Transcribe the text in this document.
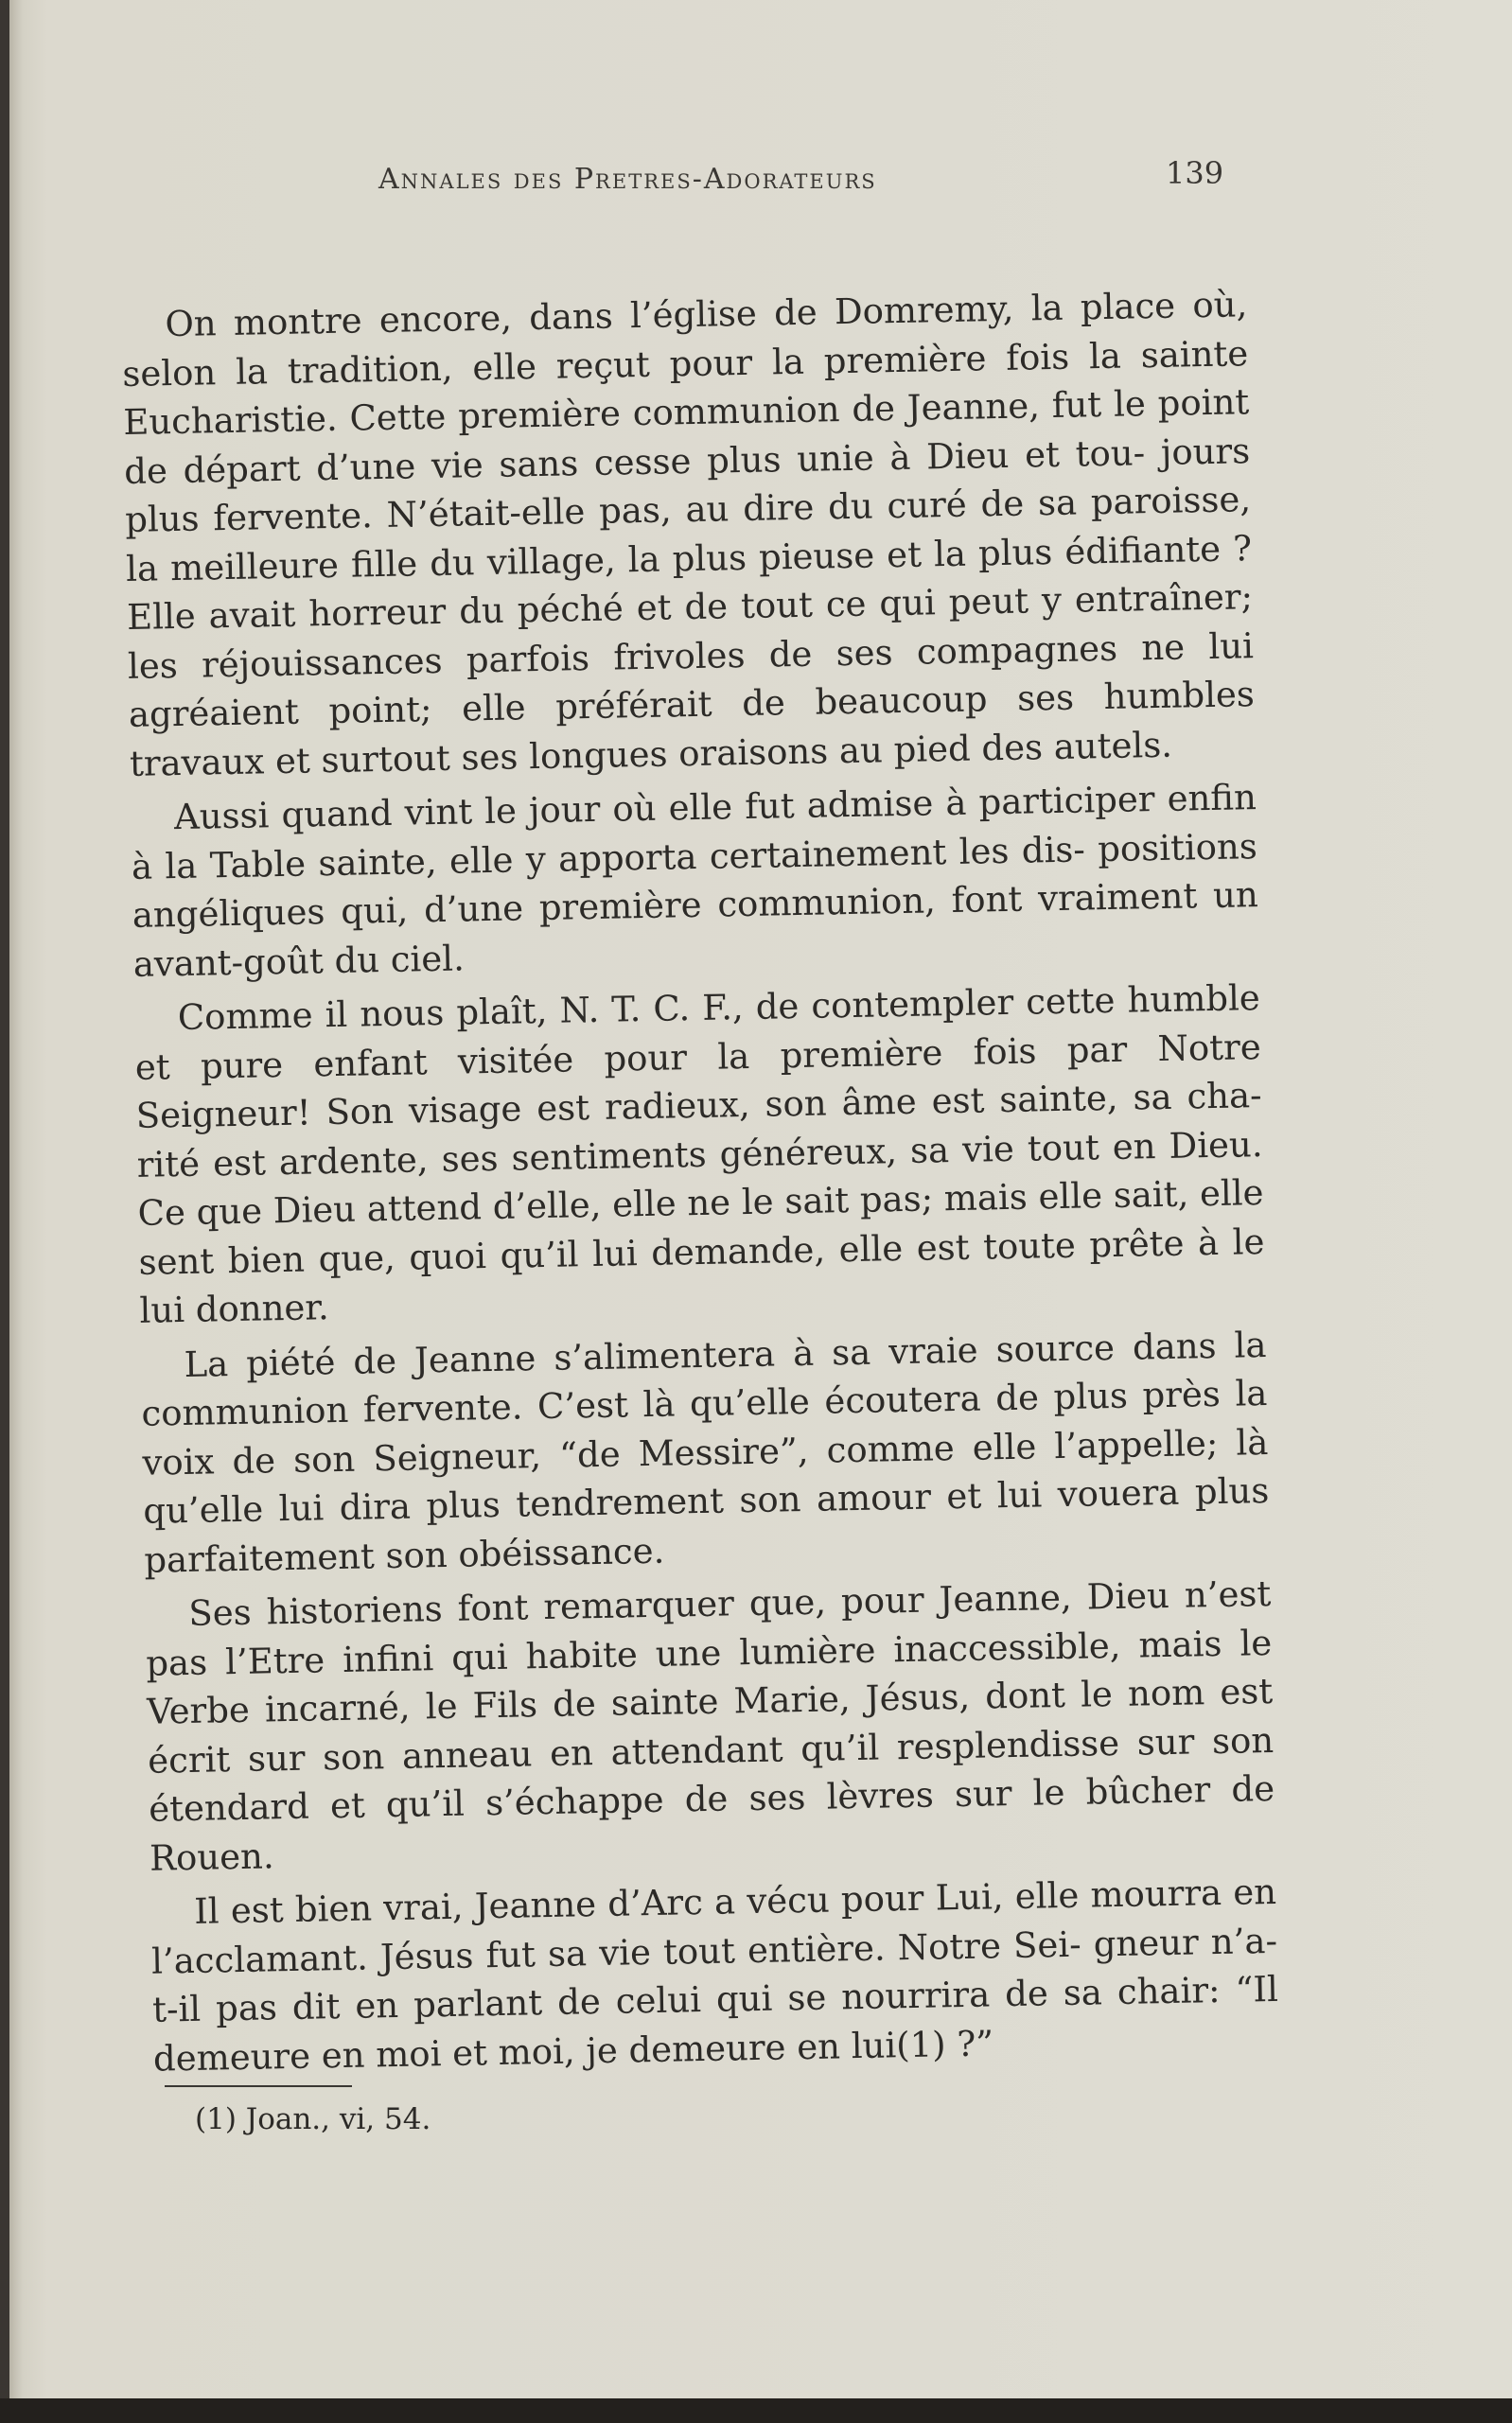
Annales des Pretres-Adorateurs	139

On montre encore, dans l’église de Domremy, la place où, selon la tradition, elle reçut pour la première fois la sainte Eucharistie. Cette première communion de Jeanne, fut le point de départ d’une vie sans cesse plus unie à Dieu et tou- jours plus fervente. N’était-elle pas, au dire du curé de sa paroisse, la meilleure fille du village, la plus pieuse et la plus édifiante ? Elle avait horreur du péché et de tout ce qui peut y entraîner; les réjouissances parfois frivoles de ses compagnes ne lui agréaient point; elle préférait de beaucoup ses humbles travaux et surtout ses longues oraisons au pied des autels.

Aussi quand vint le jour où elle fut admise à participer enfin à la Table sainte, elle y apporta certainement les dis- positions angéliques qui, d’une première communion, font vraiment un avant-goût du ciel.

Comme il nous plaît, N. T. C. F., de contempler cette humble et pure enfant visitée pour la première fois par Notre Seigneur! Son visage est radieux, son âme est sainte, sa cha- rité est ardente, ses sentiments généreux, sa vie tout en Dieu. Ce que Dieu attend d’elle, elle ne le sait pas; mais elle sait, elle sent bien que, quoi qu’il lui demande, elle est toute prête à le lui donner.

La piété de Jeanne s’alimentera à sa vraie source dans la communion fervente. C’est là qu’elle écoutera de plus près la voix de son Seigneur, “de Messire”, comme elle l’appelle; là qu’elle lui dira plus tendrement son amour et lui vouera plus parfaitement son obéissance.

Ses historiens font remarquer que, pour Jeanne, Dieu n’est pas l’Etre infini qui habite une lumière inaccessible, mais le Verbe incarné, le Fils de sainte Marie, Jésus, dont le nom est écrit sur son anneau en attendant qu’il resplendisse sur son étendard et qu’il s’échappe de ses lèvres sur le bûcher de Rouen.

Il est bien vrai, Jeanne d’Arc a vécu pour Lui, elle mourra en l’acclamant. Jésus fut sa vie tout entière. Notre Sei- gneur n’a-t-il pas dit en parlant de celui qui se nourrira de sa chair: “Il demeure en moi et moi, je demeure en lui(1) ?”

(1) Joan., vi, 54.
